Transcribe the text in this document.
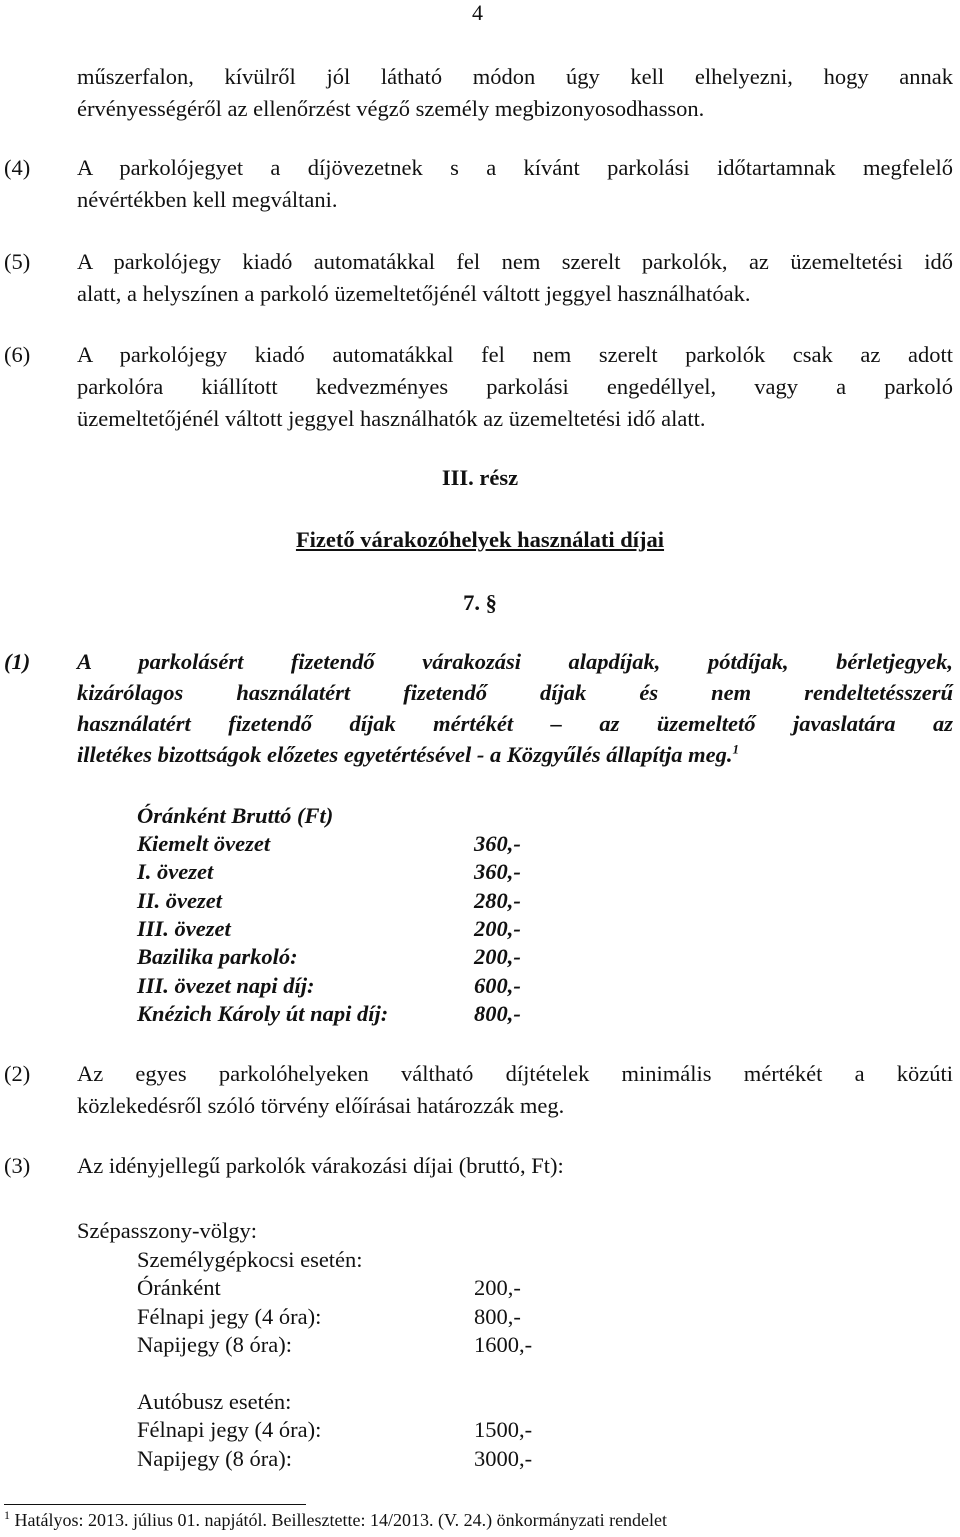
4
műszerfalon, kívülről jól látható módon úgy kell elhelyezni, hogy annak
érvényességéről az ellenőrzést végző személy megbizonyosodhasson.
(4) A parkolójegyet a díjövezetnek s a kívánt parkolási időtartamnak megfelelő
névértékben kell megváltani.
(5) A parkolójegy kiadó automatákkal fel nem szerelt parkolók, az üzemeltetési idő
alatt, a helyszínen a parkoló üzemeltetőjénél váltott jeggyel használhatóak.
(6) A parkolójegy kiadó automatákkal fel nem szerelt parkolók csak az adott
parkolóra kiállított kedvezményes parkolási engedéllyel, vagy a parkoló
üzemeltetőjénél váltott jeggyel használhatók az üzemeltetési idő alatt.
III. rész
Fizető várakozóhelyek használati díjai
7. §
(1) A parkolásért fizetendő várakozási alapdíjak, pótdíjak, bérletjegyek,
kizárólagos használatért fizetendő díjak és nem rendeltetésszerű
használatért fizetendő díjak mértékét – az üzemeltető javaslatára az
illetékes bizottságok előzetes egyetértésével - a Közgyűlés állapítja meg.$^1$
Óránként Bruttó (Ft)
Kiemelt övezet	360,-
I. övezet	360,-
II. övezet	280,-
III. övezet	200,-
Bazilika parkoló:	200,-
III. övezet napi díj:	600,-
Knézich Károly út napi díj:	800,-
(2) Az egyes parkolóhelyeken váltható díjtételek minimális mértékét a közúti
közlekedésről szóló törvény előírásai határozzák meg.
(3) Az idényjellegű parkolók várakozási díjai (bruttó, Ft):
Szépasszony-völgy:
Személygépkocsi esetén:
Óránként	200,-
Félnapi jegy (4 óra):	800,-
Napijegy (8 óra):	1600,-
Autóbusz esetén:
Félnapi jegy (4 óra):	1500,-
Napijegy (8 óra):	3000,-
$^1$ Hatályos: 2013. július 01. napjától. Beillesztette: 14/2013. (V. 24.) önkormányzati rendelet
